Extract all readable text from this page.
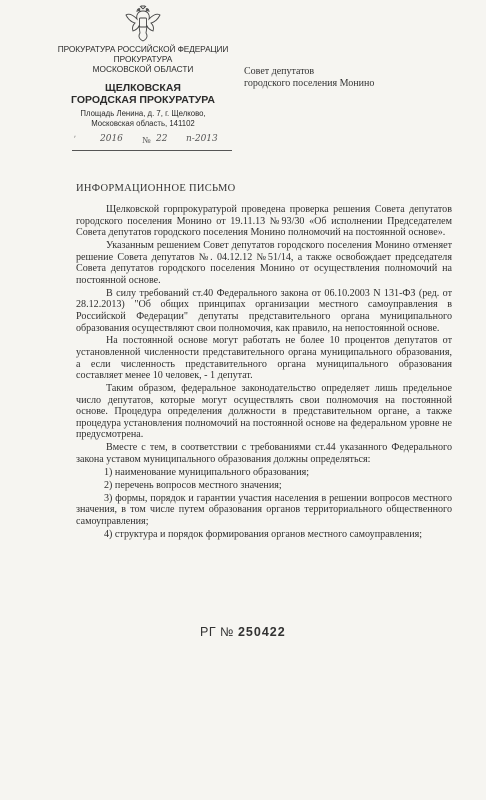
ПРОКУРАТУРА РОССИЙСКОЙ ФЕДЕРАЦИИ
ПРОКУРАТУРА
МОСКОВСКОЙ ОБЛАСТИ
ЩЕЛКОВСКАЯ
ГОРОДСКАЯ ПРОКУРАТУРА
Площадь Ленина, д. 7, г. Щелково,
Московская область, 141102
Совет депутатов
городского поселения Монино
ʹ	2016 № 22 п-2013
ИНФОРМАЦИОННОЕ ПИСЬМО

Щелковской горпрокуратурой проведена проверка решения Совета депутатов городского поселения Монино от 19.11.13 №93/30 «Об исполнении Председателем Совета депутатов городского поселения Монино полномочий на постоянной основе».

Указанным решением Совет депутатов городского поселения Монино отменяет решение Совета депутатов №. 04.12.12 №51/14, а также освобождает председателя Совета депутатов городского поселения Монино от осуществления полномочий на постоянной основе.

В силу требований ст.40 Федерального закона от 06.10.2003 N 131-ФЗ (ред. от 28.12.2013) "Об общих принципах организации местного самоуправления в Российской Федерации" депутаты представительного органа муниципального образования осуществляют свои полномочия, как правило, на непостоянной основе.

На постоянной основе могут работать не более 10 процентов депутатов от установленной численности представительного органа муниципального образования, а если численность представительного органа муниципального образования составляет менее 10 человек, - 1 депутат.

Таким образом, федеральное законодательство определяет лишь предельное число депутатов, которые могут осуществлять свои полномочия на постоянной основе. Процедура определения должности в представительном органе, а также процедура установления полномочий на постоянной основе на федеральном уровне не предусмотрена.

Вместе с тем, в соответствии с требованиями ст.44 указанного Федерального закона уставом муниципального образования должны определяться:

1) наименование муниципального образования;

2) перечень вопросов местного значения;

3) формы, порядок и гарантии участия населения в решении вопросов местного значения, в том числе путем образования органов территориального общественного самоуправления;

4) структура и порядок формирования органов местного самоуправления;

РГ № 250422
